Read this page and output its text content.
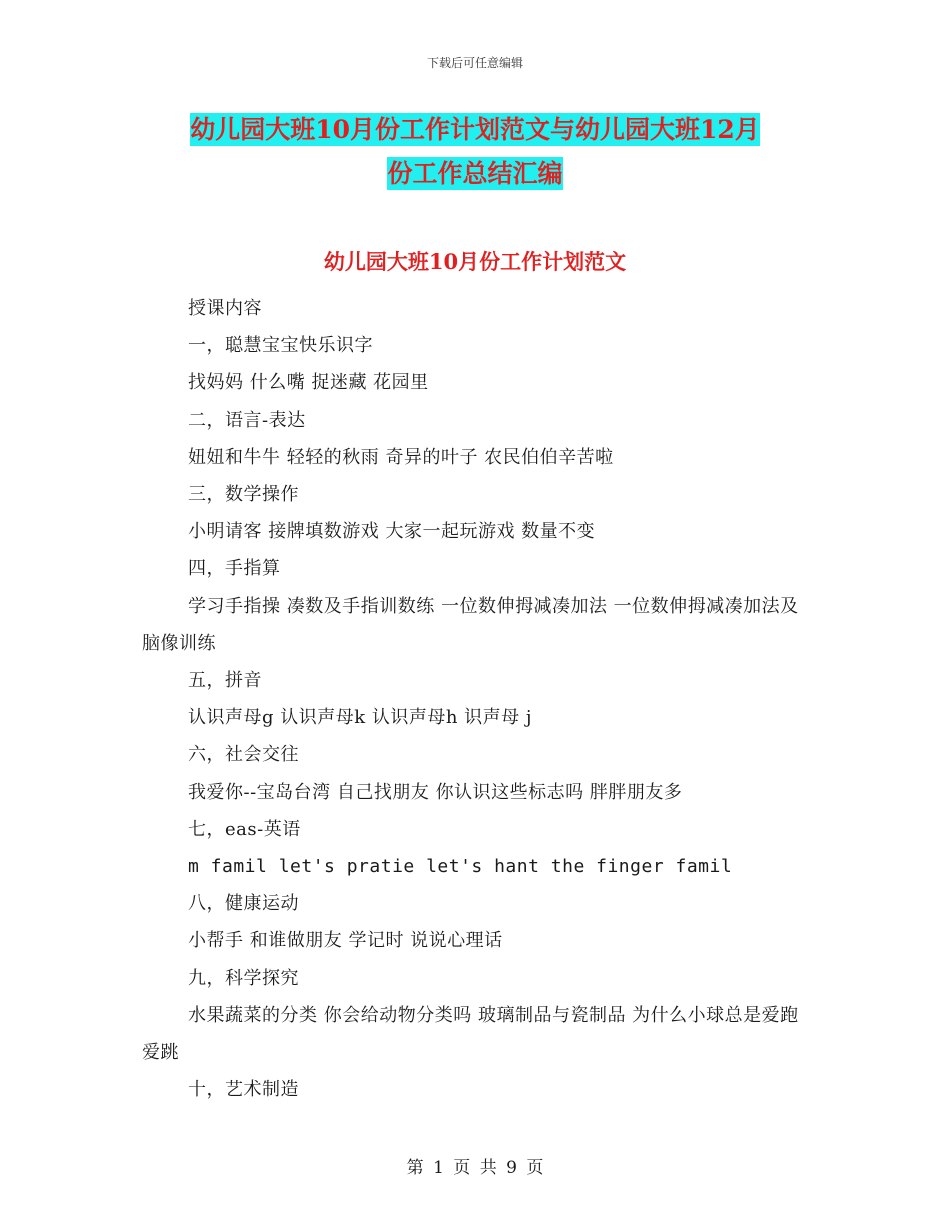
下载后可任意编辑
幼儿园大班10月份工作计划范文与幼儿园大班12月
份工作总结汇编
幼儿园大班10月份工作计划范文
授课内容
一，聪慧宝宝快乐识字
找妈妈 什么嘴 捉迷藏 花园里
二，语言-表达
妞妞和牛牛 轻轻的秋雨 奇异的叶子 农民伯伯辛苦啦
三，数学操作
小明请客 接牌填数游戏 大家一起玩游戏 数量不变
四，手指算
学习手指操 凑数及手指训数练 一位数伸拇减凑加法 一位数伸拇减凑加法及脑像训练
五，拼音
认识声母g 认识声母k 认识声母h 识声母 j
六，社会交往
我爱你--宝岛台湾 自己找朋友 你认识这些标志吗 胖胖朋友多
七，eas-英语
m famil let's pratie let's hant the finger famil
八，健康运动
小帮手 和谁做朋友 学记时 说说心理话
九，科学探究
水果蔬菜的分类 你会给动物分类吗 玻璃制品与瓷制品 为什么小球总是爱跑爱跳
十，艺术制造
第 1 页 共 9 页
